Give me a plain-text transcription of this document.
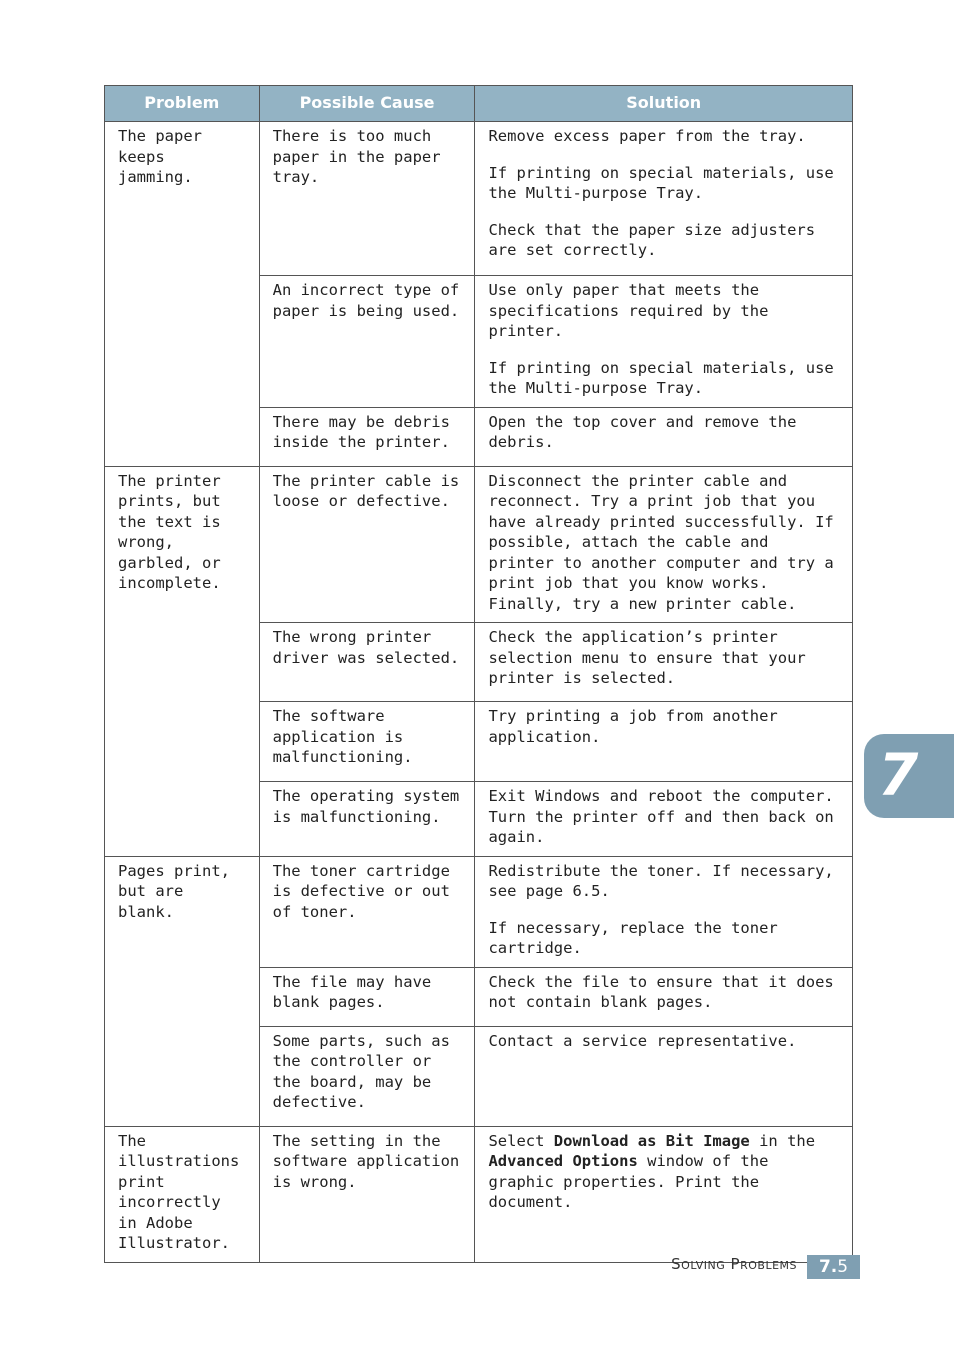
Problem	Possible Cause	Solution
The paper keeps jamming.	There is too much paper in the paper tray.	Remove excess paper from the tray.

If printing on special materials, use the Multi-purpose Tray.

Check that the paper size adjusters are set correctly.

	An incorrect type of paper is being used.	Use only paper that meets the specifications required by the printer.

If printing on special materials, use the Multi-purpose Tray.

	There may be debris inside the printer.	Open the top cover and remove the debris.

The printer prints, but the text is wrong, garbled, or incomplete.	The printer cable is loose or defective.	Disconnect the printer cable and reconnect. Try a print job that you have already printed successfully. If possible, attach the cable and printer to another computer and try a print job that you know works. Finally, try a new printer cable.

	The wrong printer driver was selected.	Check the application’s printer selection menu to ensure that your printer is selected.

	The software application is malfunctioning.	Try printing a job from another application.

	The operating system is malfunctioning.	Exit Windows and reboot the computer. Turn the printer off and then back on again.

Pages print, but are blank.	The toner cartridge is defective or out of toner.	Redistribute the toner. If necessary, see page 6.5.

If necessary, replace the toner cartridge.

	The file may have blank pages.	Check the file to ensure that it does not contain blank pages.

	Some parts, such as the controller or the board, may be defective.	Contact a service representative.

The illustrations print incorrectly in Adobe Illustrator.	The setting in the software application is wrong.	Select Download as Bit Image in the Advanced Options window of the graphic properties. Print the document.

7
Solving Problems	7.5
